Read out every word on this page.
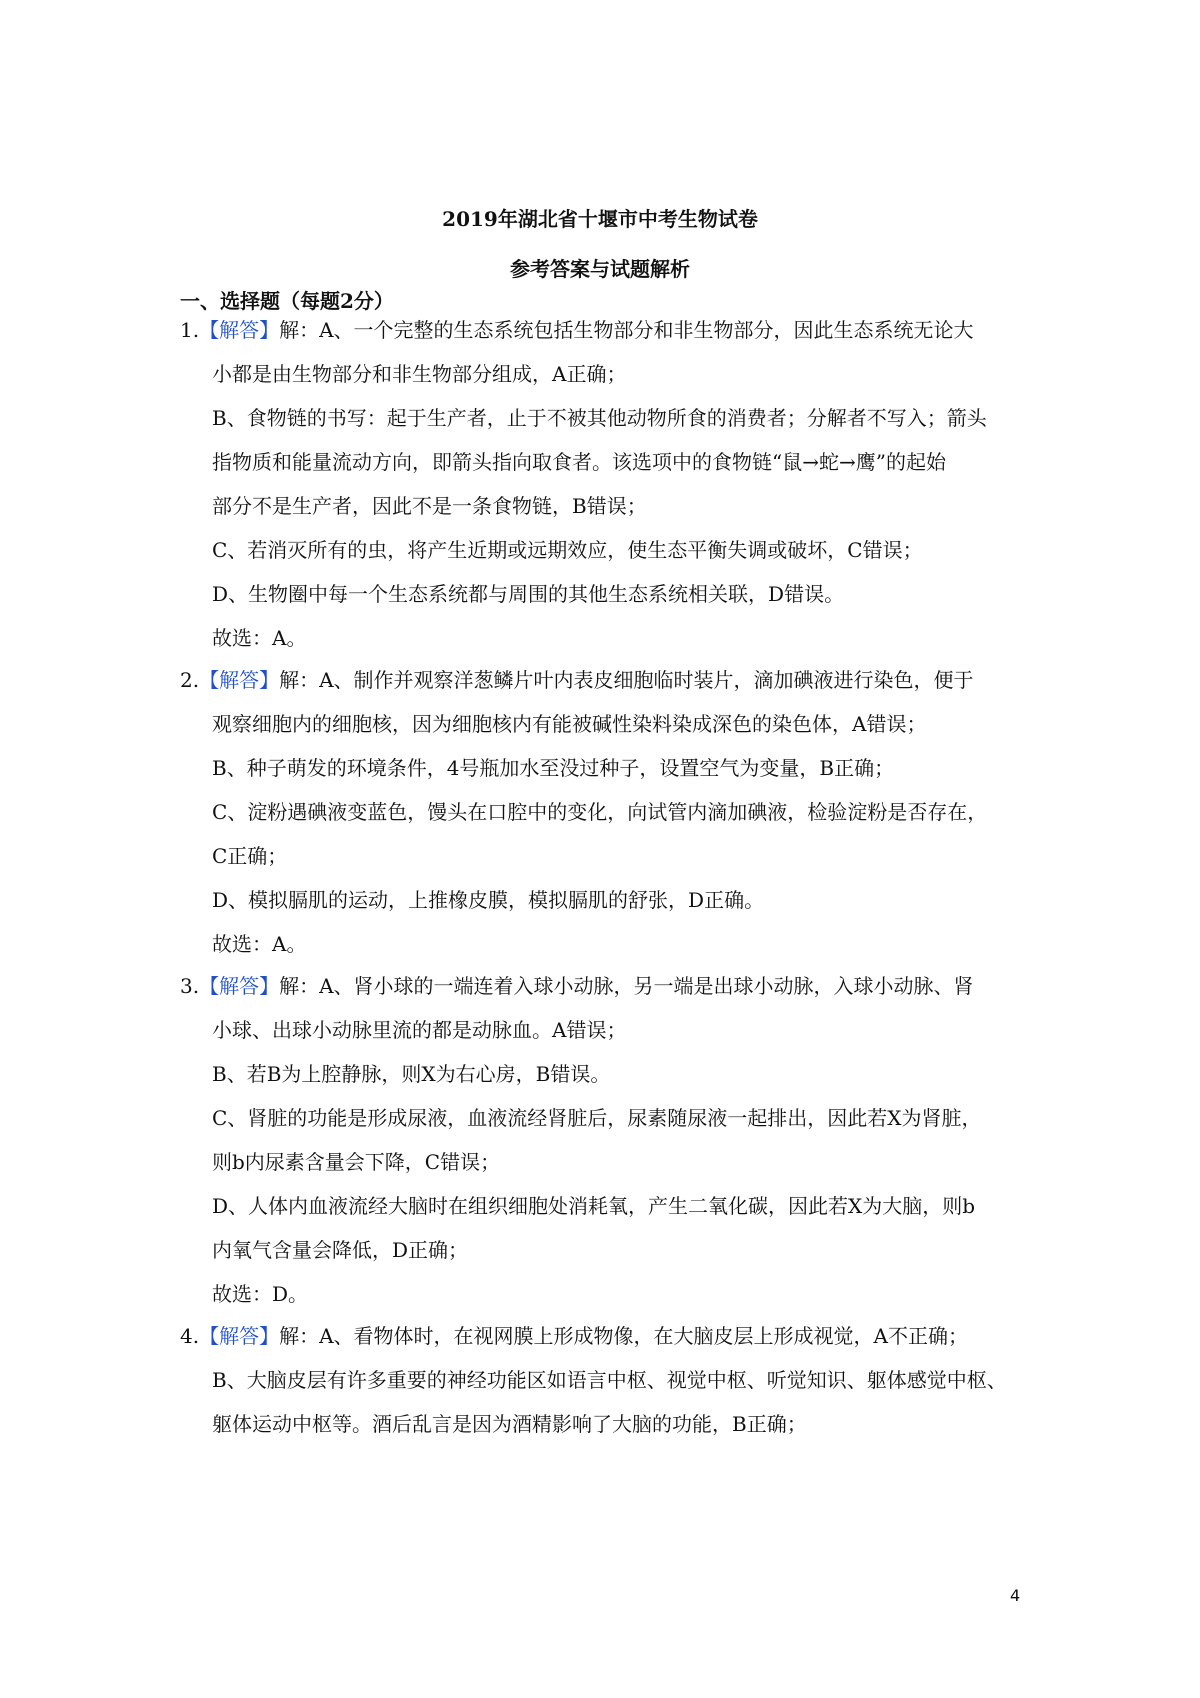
2019年湖北省十堰市中考生物试卷
参考答案与试题解析
一、选择题（每题2分）
1.【解答】解：A、一个完整的生态系统包括生物部分和非生物部分，因此生态系统无论大
小都是由生物部分和非生物部分组成，A正确；
B、食物链的书写：起于生产者，止于不被其他动物所食的消费者；分解者不写入；箭头
指物质和能量流动方向，即箭头指向取食者。该选项中的食物链“鼠→蛇→鹰”的起始
部分不是生产者，因此不是一条食物链，B错误；
C、若消灭所有的虫，将产生近期或远期效应，使生态平衡失调或破坏，C错误；
D、生物圈中每一个生态系统都与周围的其他生态系统相关联，D错误。
故选：A。
2.【解答】解：A、制作并观察洋葱鳞片叶内表皮细胞临时装片，滴加碘液进行染色，便于
观察细胞内的细胞核，因为细胞核内有能被碱性染料染成深色的染色体，A错误；
B、种子萌发的环境条件，4号瓶加水至没过种子，设置空气为变量，B正确；
C、淀粉遇碘液变蓝色，馒头在口腔中的变化，向试管内滴加碘液，检验淀粉是否存在，
C正确；
D、模拟膈肌的运动，上推橡皮膜，模拟膈肌的舒张，D正确。
故选：A。
3.【解答】解：A、肾小球的一端连着入球小动脉，另一端是出球小动脉，入球小动脉、肾
小球、出球小动脉里流的都是动脉血。A错误；
B、若B为上腔静脉，则X为右心房，B错误。
C、肾脏的功能是形成尿液，血液流经肾脏后，尿素随尿液一起排出，因此若X为肾脏，
则b内尿素含量会下降，C错误；
D、人体内血液流经大脑时在组织细胞处消耗氧，产生二氧化碳，因此若X为大脑，则b
内氧气含量会降低，D正确；
故选：D。
4.【解答】解：A、看物体时，在视网膜上形成物像，在大脑皮层上形成视觉，A不正确；
B、大脑皮层有许多重要的神经功能区如语言中枢、视觉中枢、听觉知识、躯体感觉中枢、
躯体运动中枢等。酒后乱言是因为酒精影响了大脑的功能，B正确；
4
